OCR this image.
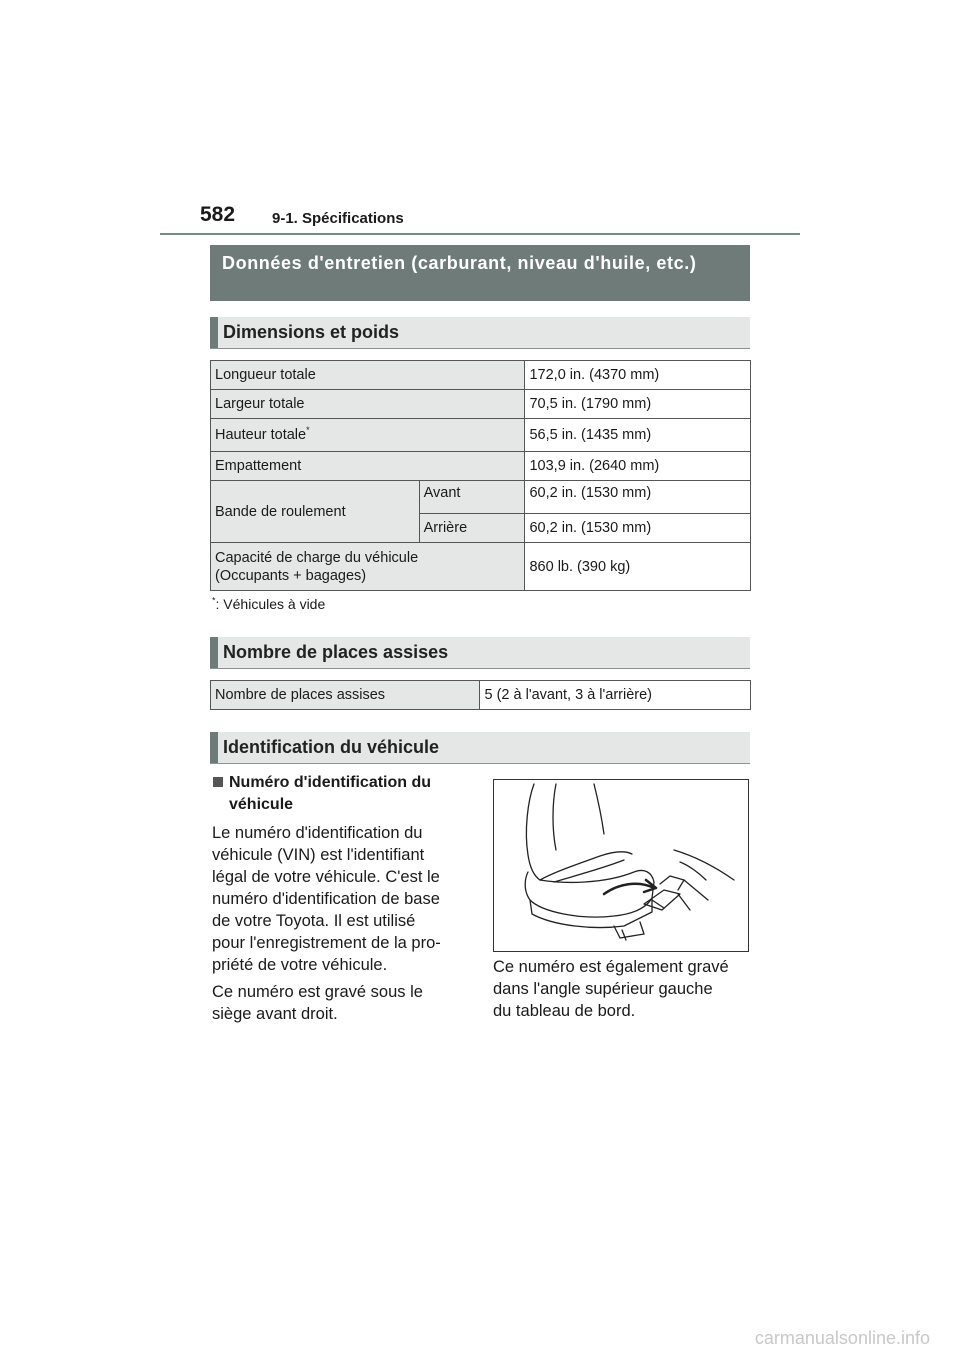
582 9-1. Spécifications
Données d'entretien (carburant, niveau d'huile, etc.)
Dimensions et poids
Longueur totale		172,0 in. (4370 mm)
Largeur totale		70,5 in. (1790 mm)
Hauteur totale*		56,5 in. (1435 mm)
Empattement		103,9 in. (2640 mm)
Bande de roulement	Avant	60,2 in. (1530 mm)
	Arrière	60,2 in. (1530 mm)
Capacité de charge du véhicule
(Occupants + bagages)		860 lb. (390 kg)
*: Véhicules à vide
Nombre de places assises
Nombre de places assises	5 (2 à l'avant, 3 à l'arrière)
Identification du véhicule
Numéro d'identification du
véhicule
Le numéro d'identification du
véhicule (VIN) est l'identifiant
légal de votre véhicule. C'est le
numéro d'identification de base
de votre Toyota. Il est utilisé
pour l'enregistrement de la pro-
priété de votre véhicule.
Ce numéro est gravé sous le
siège avant droit.
Ce numéro est également gravé
dans l'angle supérieur gauche
du tableau de bord.
carmanualsonline.info
